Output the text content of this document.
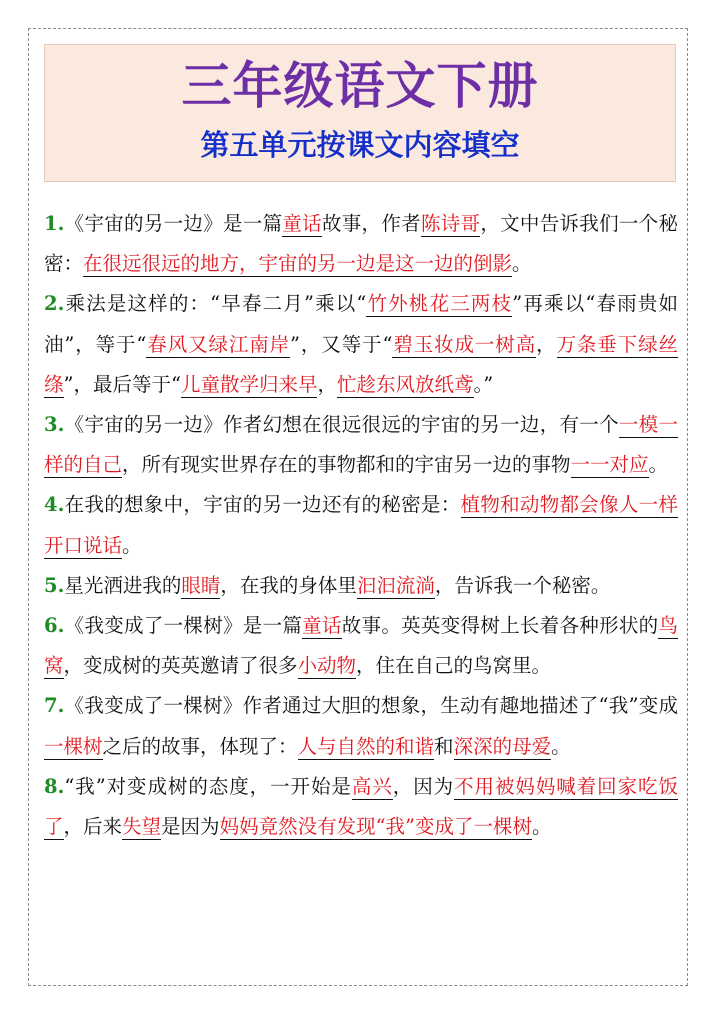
三年级语文下册
第五单元按课文内容填空
1.《宇宙的另一边》是一篇童话故事，作者陈诗哥，文中告诉我们一个秘密：在很远很远的地方，宇宙的另一边是这一边的倒影。
2.乘法是这样的：“早春二月”乘以“竹外桃花三两枝”再乘以“春雨贵如油”，等于“春风又绿江南岸”，又等于“碧玉妆成一树高，万条垂下绿丝绦”，最后等于“儿童散学归来早，忙趁东风放纸鸢。”
3.《宇宙的另一边》作者幻想在很远很远的宇宙的另一边，有一个一模一样的自己，所有现实世界存在的事物都和的宇宙另一边的事物一一对应。
4.在我的想象中，宇宙的另一边还有的秘密是：植物和动物都会像人一样开口说话。
5.星光洒进我的眼睛，在我的身体里汩汩流淌，告诉我一个秘密。
6.《我变成了一棵树》是一篇童话故事。英英变得树上长着各种形状的鸟窝，变成树的英英邀请了很多小动物，住在自己的鸟窝里。
7.《我变成了一棵树》作者通过大胆的想象，生动有趣地描述了“我”变成一棵树之后的故事，体现了：人与自然的和谐和深深的母爱。
8.“我”对变成树的态度，一开始是高兴，因为不用被妈妈喊着回家吃饭了，后来失望是因为妈妈竟然没有发现“我”变成了一棵树。
